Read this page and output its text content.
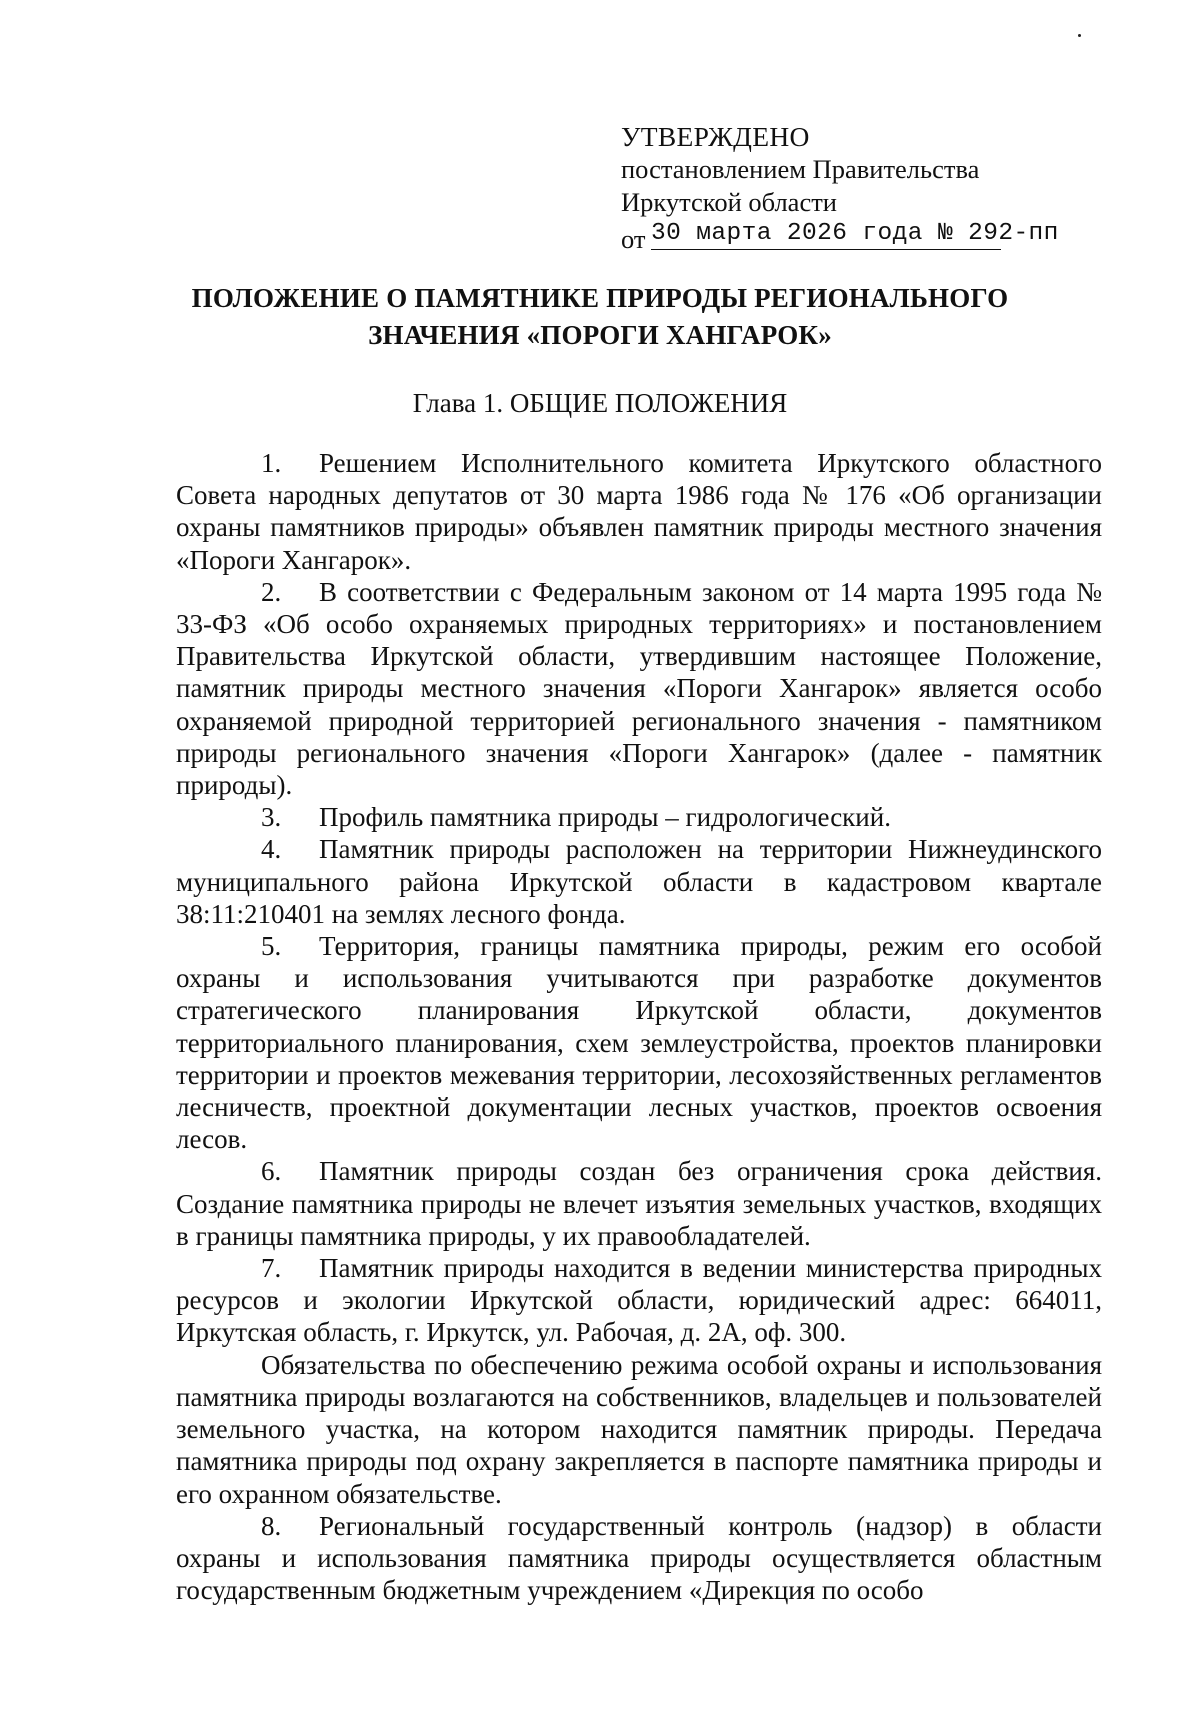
УТВЕРЖДЕНО
постановлением Правительства
Иркутской области
от 30 марта 2026 года № 292-пп
ПОЛОЖЕНИЕ О ПАМЯТНИКЕ ПРИРОДЫ РЕГИОНАЛЬНОГО
ЗНАЧЕНИЯ «ПОРОГИ ХАНГАРОК»
Глава 1. ОБЩИЕ ПОЛОЖЕНИЯ

1. Решением Исполнительного комитета Иркутского областного Совета народных депутатов от 30 марта 1986 года № 176 «Об организации охраны памятников природы» объявлен памятник природы местного значения «Пороги Хангарок».

2. В соответствии с Федеральным законом от 14 марта 1995 года № 33-ФЗ «Об особо охраняемых природных территориях» и постановлением Правительства Иркутской области, утвердившим настоящее Положение, памятник природы местного значения «Пороги Хангарок» является особо охраняемой природной территорией регионального значения - памятником природы регионального значения «Пороги Хангарок» (далее - памятник природы).

3. Профиль памятника природы – гидрологический.

4. Памятник природы расположен на территории Нижнеудинского муниципального района Иркутской области в кадастровом квартале 38:11:210401 на землях лесного фонда.

5. Территория, границы памятника природы, режим его особой охраны и использования учитываются при разработке документов стратегического планирования Иркутской области, документов территориального планирования, схем землеустройства, проектов планировки территории и проектов межевания территории, лесохозяйственных регламентов лесничеств, проектной документации лесных участков, проектов освоения лесов.

6. Памятник природы создан без ограничения срока действия. Создание памятника природы не влечет изъятия земельных участков, входящих в границы памятника природы, у их правообладателей.

7. Памятник природы находится в ведении министерства природных ресурсов и экологии Иркутской области, юридический адрес: 664011, Иркутская область, г. Иркутск, ул. Рабочая, д. 2А, оф. 300.

Обязательства по обеспечению режима особой охраны и использования памятника природы возлагаются на собственников, владельцев и пользователей земельного участка, на котором находится памятник природы. Передача памятника природы под охрану закрепляется в паспорте памятника природы и его охранном обязательстве.

8. Региональный государственный контроль (надзор) в области охраны и использования памятника природы осуществляется областным государственным бюджетным учреждением «Дирекция по особо
